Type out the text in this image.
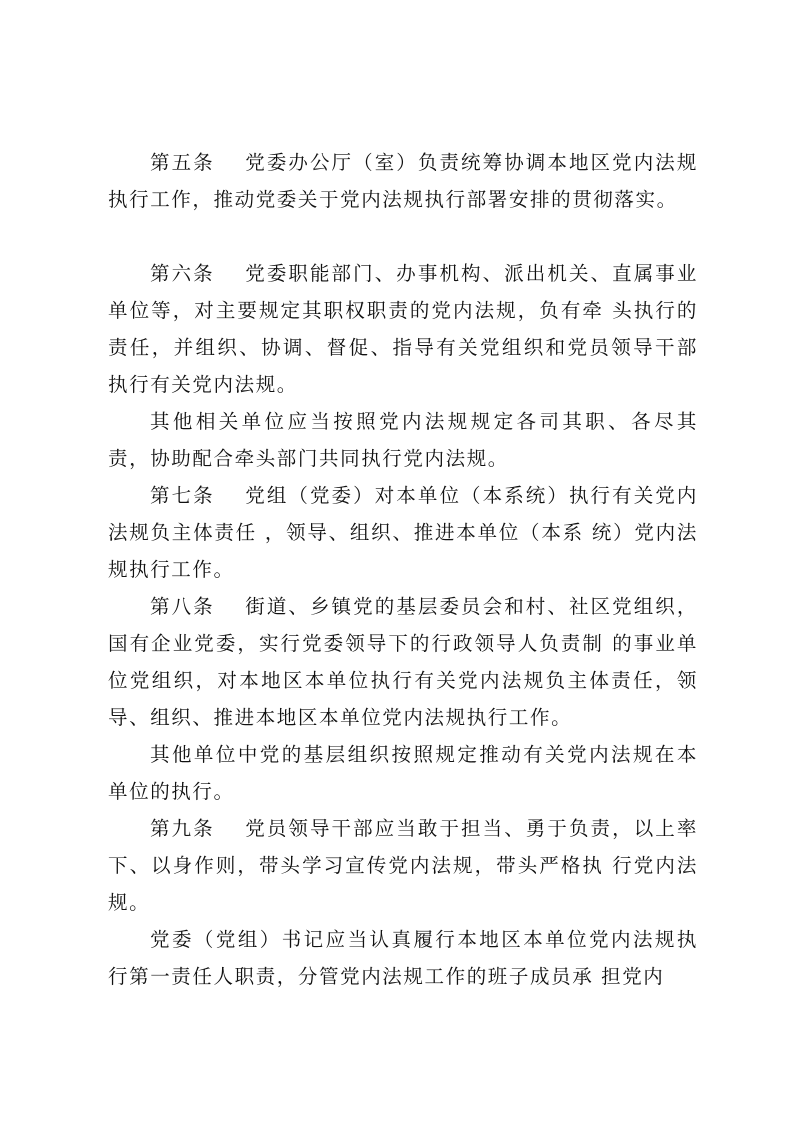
第五条 党委办公厅（室）负责统筹协调本地区党内法规执行工作，推动党委关于党内法规执行部署安排的贯彻落实。

第六条 党委职能部门、办事机构、派出机关、直属事业单位等，对主要规定其职权职责的党内法规，负有牵 头执行的责任，并组织、协调、督促、指导有关党组织和党员领导干部执行有关党内法规。

其他相关单位应当按照党内法规规定各司其职、各尽其责，协助配合牵头部门共同执行党内法规。

第七条 党组（党委）对本单位（本系统）执行有关党内法规负主体责任 ，领导、组织、推进本单位（本系 统）党内法规执行工作。

第八条 街道、乡镇党的基层委员会和村、社区党组织，国有企业党委，实行党委领导下的行政领导人负责制 的事业单位党组织，对本地区本单位执行有关党内法规负主体责任，领导、组织、推进本地区本单位党内法规执行工作。

其他单位中党的基层组织按照规定推动有关党内法规在本单位的执行。

第九条 党员领导干部应当敢于担当、勇于负责，以上率下、以身作则，带头学习宣传党内法规，带头严格执 行党内法规。

党委（党组）书记应当认真履行本地区本单位党内法规执行第一责任人职责，分管党内法规工作的班子成员承 担党内
